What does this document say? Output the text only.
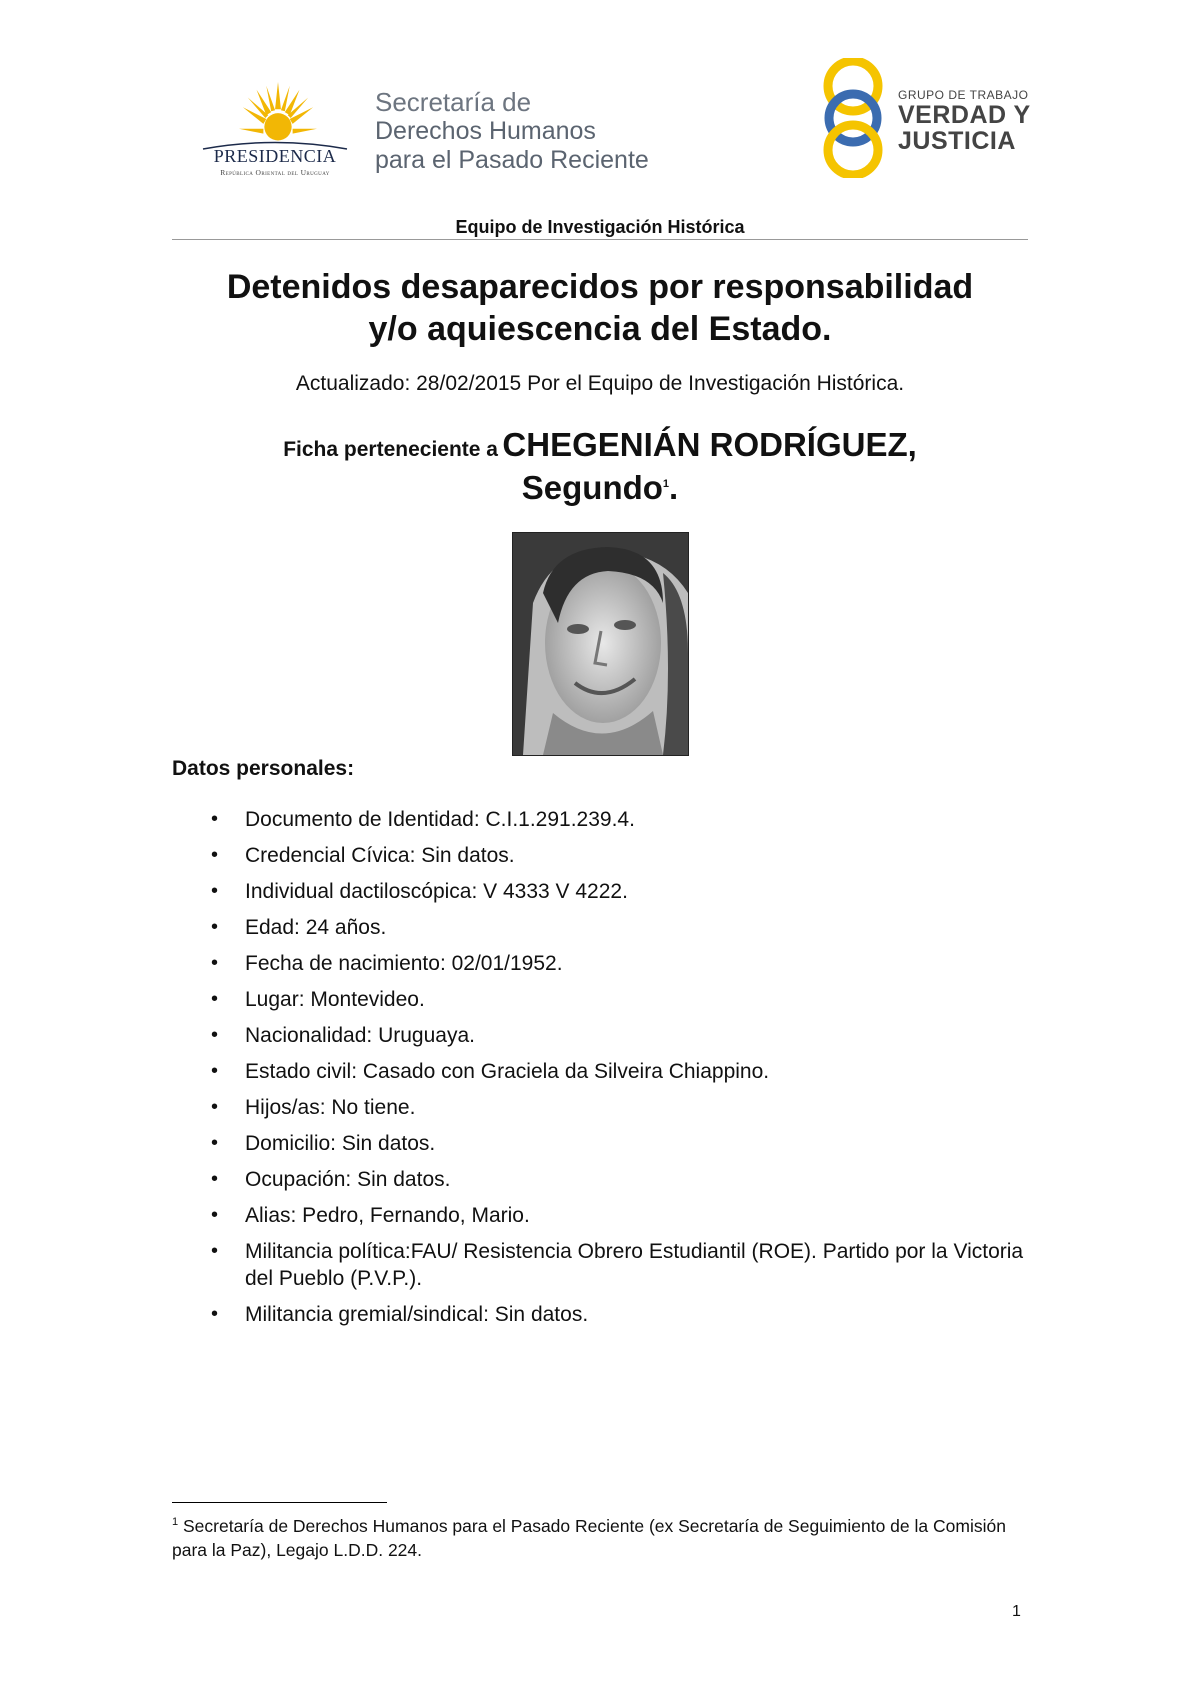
PRESIDENCIA
República Oriental del Uruguay
Secretaría de
Derechos Humanos
para el Pasado Reciente
GRUPO DE TRABAJO
VERDAD Y
JUSTICIA
Equipo de Investigación Histórica
Detenidos desaparecidos por responsabilidad
y/o aquiescencia del Estado.
Actualizado: 28/02/2015 Por el Equipo de Investigación Histórica.
Ficha perteneciente a CHEGENIÁN RODRÍGUEZ,
Segundo$^1$.
Datos personales:
• Documento de Identidad: C.I.1.291.239.4.
• Credencial Cívica: Sin datos.
• Individual dactiloscópica: V 4333 V 4222.
• Edad: 24 años.
• Fecha de nacimiento: 02/01/1952.
• Lugar: Montevideo.
• Nacionalidad: Uruguaya.
• Estado civil: Casado con Graciela da Silveira Chiappino.
• Hijos/as: No tiene.
• Domicilio: Sin datos.
• Ocupación: Sin datos.
• Alias: Pedro, Fernando, Mario.
• Militancia política:FAU/ Resistencia Obrero Estudiantil (ROE). Partido por la Victoria del Pueblo (P.V.P.).
• Militancia gremial/sindical: Sin datos.
$^1$ Secretaría de Derechos Humanos para el Pasado Reciente (ex Secretaría de Seguimiento de la Comisión para la Paz), Legajo L.D.D. 224.
1
